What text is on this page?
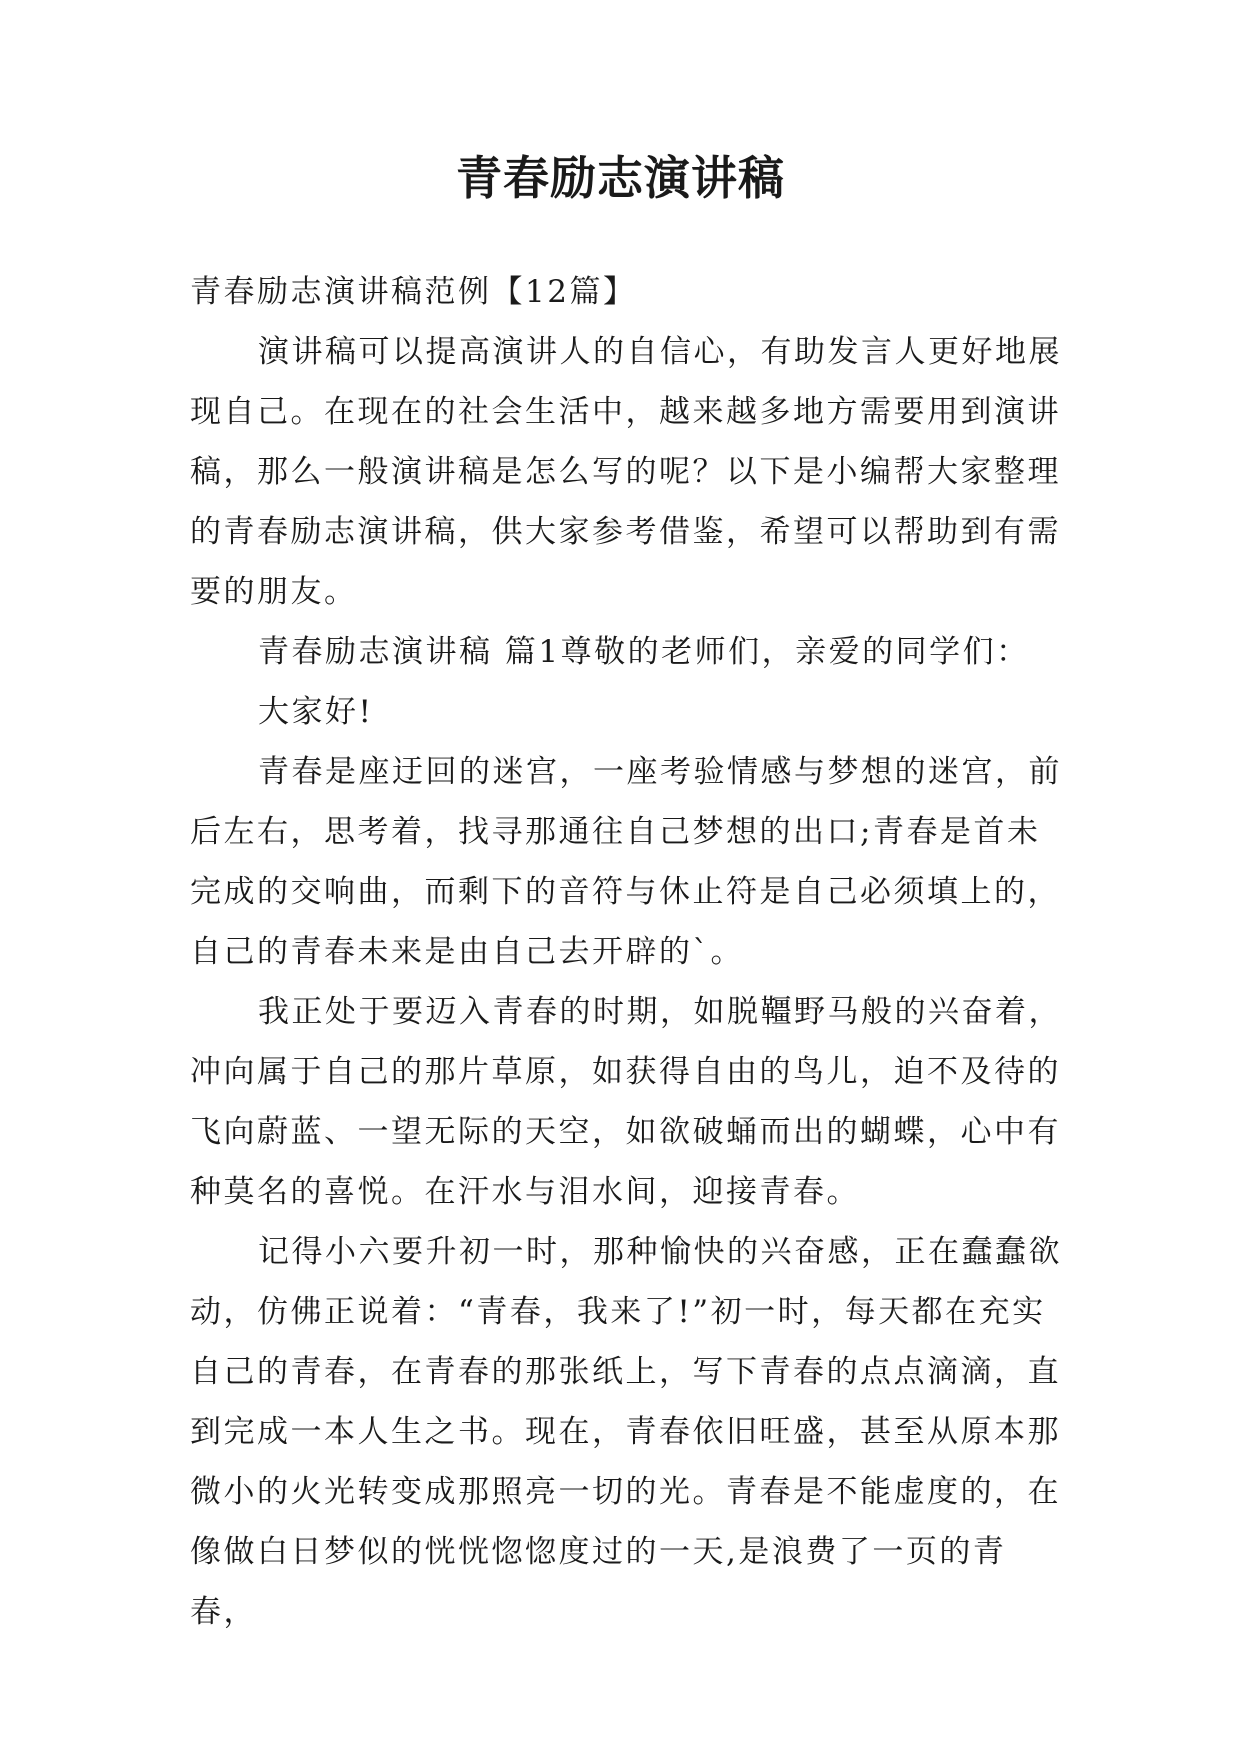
青春励志演讲稿

青春励志演讲稿范例【12篇】

演讲稿可以提高演讲人的自信心，有助发言人更好地展现自己。在现在的社会生活中，越来越多地方需要用到演讲稿，那么一般演讲稿是怎么写的呢？以下是小编帮大家整理的青春励志演讲稿，供大家参考借鉴，希望可以帮助到有需要的朋友。

青春励志演讲稿 篇1尊敬的老师们，亲爱的同学们：

大家好!

青春是座迂回的迷宫，一座考验情感与梦想的迷宫，前后左右，思考着，找寻那通往自己梦想的出口;青春是首未完成的交响曲，而剩下的音符与休止符是自己必须填上的，自己的青春未来是由自己去开辟的`。

我正处于要迈入青春的时期，如脱韁野马般的兴奋着，冲向属于自己的那片草原，如获得自由的鸟儿，迫不及待的飞向蔚蓝、一望无际的天空，如欲破蛹而出的蝴蝶，心中有种莫名的喜悦。在汗水与泪水间，迎接青春。

记得小六要升初一时，那种愉快的兴奋感，正在蠢蠢欲动，仿佛正说着：“青春，我来了!”初一时，每天都在充实自己的青春，在青春的那张纸上，写下青春的点点滴滴，直到完成一本人生之书。现在，青春依旧旺盛，甚至从原本那微小的火光转变成那照亮一切的光。青春是不能虚度的，在像做白日梦似的恍恍惚惚度过的一天,是浪费了一页的青春，
